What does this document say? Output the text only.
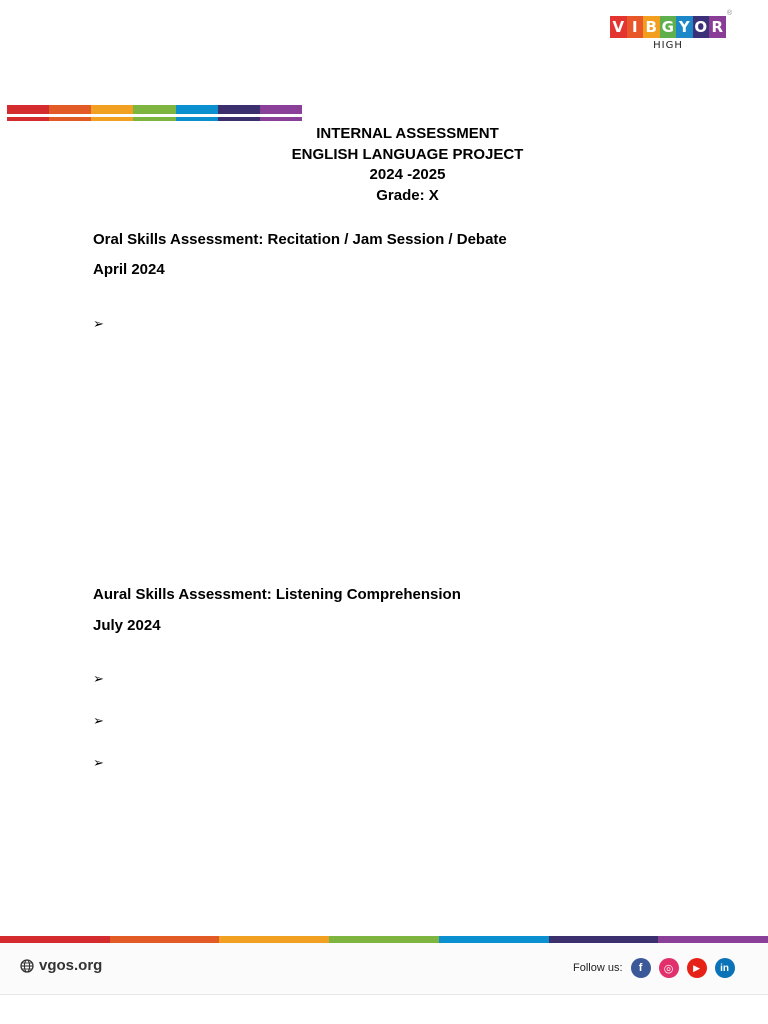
V I B G Y O R
HIGH
®
INTERNAL ASSESSMENT
ENGLISH LANGUAGE PROJECT
2024 -2025
Grade: X
Oral Skills Assessment: Recitation / Jam Session / Debate
April 2024
➢
Aural Skills Assessment: Listening Comprehension
July 2024
➢
➢
➢
vgos.org	Follow us:	f	◎	▶	in
